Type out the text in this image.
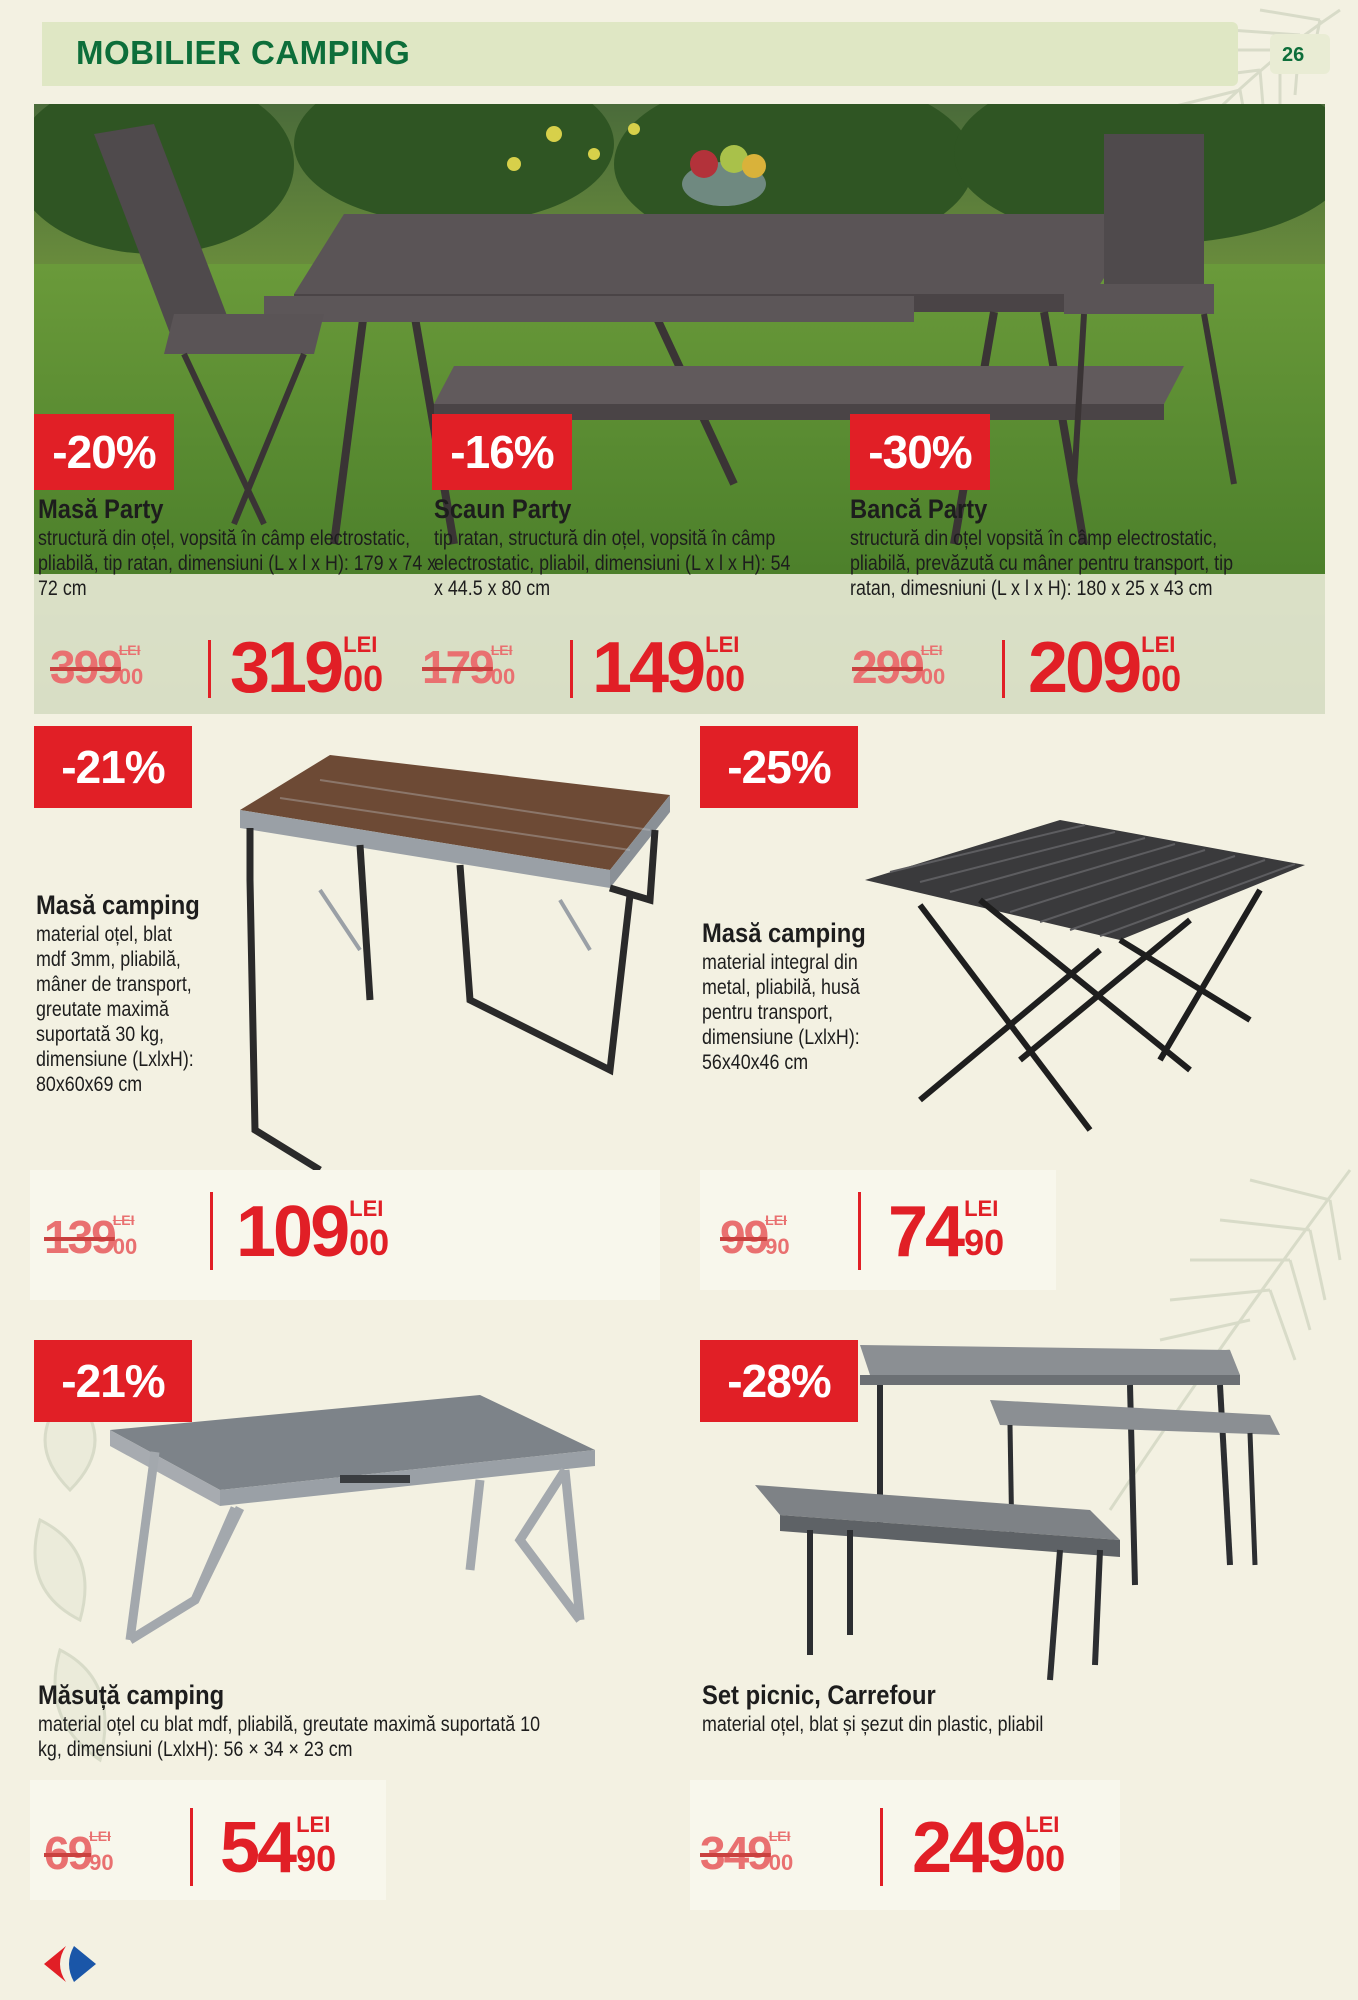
MOBILIER CAMPING	26
-20%
Masă Party
structură din oțel, vopsită în câmp electrostatic, pliabilă, tip ratan, dimensiuni (L x l x H): 179 x 74 x 72 cm
399
LEI
00 319 LEI
00
-16%
Scaun Party
tip ratan, structură din oțel, vopsită în câmp electrostatic, pliabil, dimensiuni (L x l x H): 54 x 44.5 x 80 cm
179
LEI
00 149 LEI
00
-30%
Bancă Party
structură din oțel vopsită în câmp electrostatic, pliabilă, prevăzută cu mâner pentru transport, tip ratan, dimesniuni (L x l x H): 180 x 25 x 43 cm
299
LEI
00 209 LEI
00
-21%
Masă camping
material oțel, blat mdf 3mm, pliabilă, mâner de transport, greutate maximă suportată 30 kg, dimensiune (LxlxH): 80x60x69 cm
139
LEI
00 109 LEI
00
-25%
Masă camping
material integral din metal, pliabilă, husă pentru transport, dimensiune (LxlxH): 56x40x46 cm
99
LEI
90 74 LEI
90
-21%
Măsuță camping
material oțel cu blat mdf, pliabilă, greutate maximă suportată 10 kg, dimensiuni (LxlxH): 56 × 34 × 23 cm
69
LEI
90 54 LEI
90
-28%
Set picnic, Carrefour
material oțel, blat și șezut din plastic, pliabil
349
LEI
00 249 LEI
00
